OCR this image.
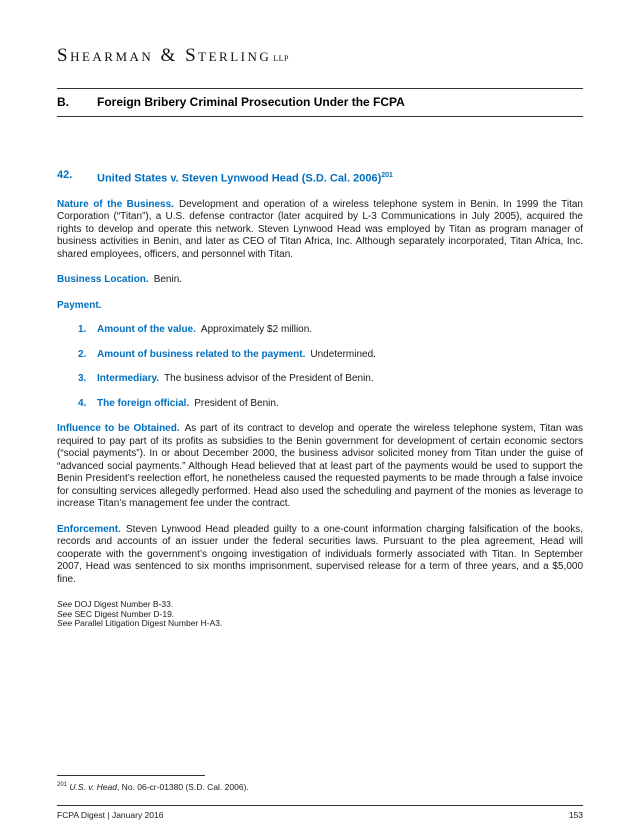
Shearman & Sterling LLP
B.	Foreign Bribery Criminal Prosecution Under the FCPA
42.	United States v. Steven Lynwood Head (S.D. Cal. 2006)$^{201}$

Nature of the Business. Development and operation of a wireless telephone system in Benin. In 1999 the Titan Corporation (“Titan”), a U.S. defense contractor (later acquired by L-3 Communications in July 2005), acquired the rights to develop and operate this network. Steven Lynwood Head was employed by Titan as program manager of business activities in Benin, and later as CEO of Titan Africa, Inc. Although separately incorporated, Titan Africa, Inc. shared employees, officers, and personnel with Titan.

Business Location. Benin.

Payment.

1.	Amount of the value. Approximately $2 million.
2.	Amount of business related to the payment. Undetermined.
3.	Intermediary. The business advisor of the President of Benin.
4.	The foreign official. President of Benin.

Influence to be Obtained. As part of its contract to develop and operate the wireless telephone system, Titan was required to pay part of its profits as subsidies to the Benin government for development of certain economic sectors (“social payments”). In or about December 2000, the business advisor solicited money from Titan under the guise of “advanced social payments.” Although Head believed that at least part of the payments would be used to support the Benin President’s reelection effort, he nonetheless caused the requested payments to be made through a false invoice for consulting services allegedly performed. Head also used the scheduling and payment of the monies as leverage to increase Titan’s management fee under the contract.

Enforcement. Steven Lynwood Head pleaded guilty to a one-count information charging falsification of the books, records and accounts of an issuer under the federal securities laws. Pursuant to the plea agreement, Head will cooperate with the government’s ongoing investigation of individuals formerly associated with Titan. In September 2007, Head was sentenced to six months imprisonment, supervised release for a term of three years, and a $5,000 fine.

See DOJ Digest Number B-33.
See SEC Digest Number D-19.
See Parallel Litigation Digest Number H-A3.
$^{201}$ U.S. v. Head, No. 06-cr-01380 (S.D. Cal. 2006).
FCPA Digest | January 2016	153
